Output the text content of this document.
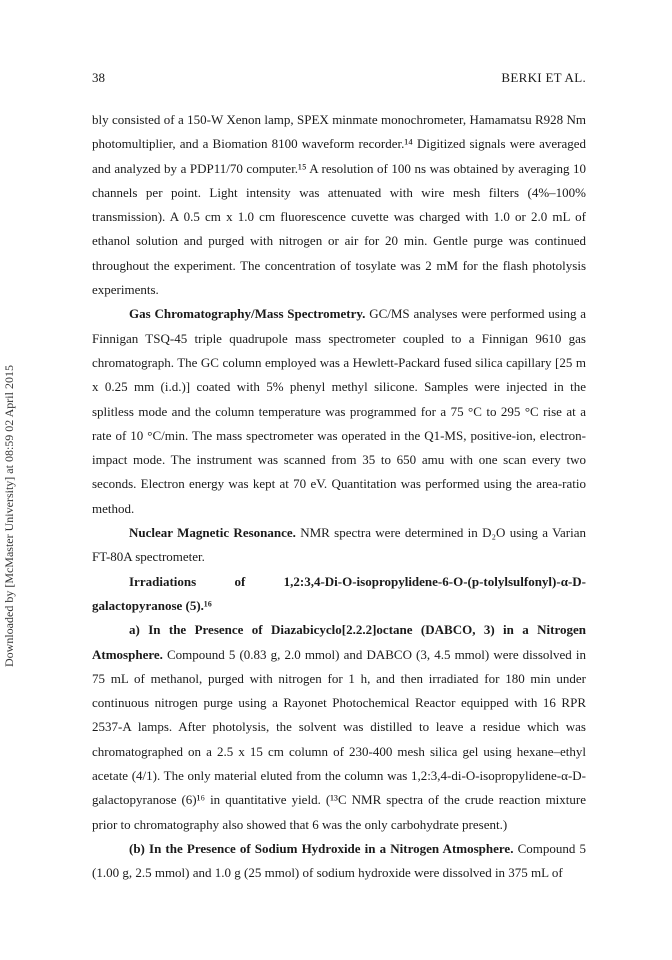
Downloaded by [McMaster University] at 08:59 02 April 2015
38	BERKI ET AL.

bly consisted of a 150-W Xenon lamp, SPEX minmate monochrometer, Hamamatsu R928 Nm photomultiplier, and a Biomation 8100 waveform recorder.¹⁴ Digitized signals were averaged and analyzed by a PDP11/70 computer.¹⁵ A resolution of 100 ns was obtained by averaging 10 channels per point. Light intensity was attenuated with wire mesh filters (4%–100% transmission). A 0.5 cm x 1.0 cm fluorescence cuvette was charged with 1.0 or 2.0 mL of ethanol solution and purged with nitrogen or air for 20 min. Gentle purge was continued throughout the experiment. The concentration of tosylate was 2 mM for the flash photolysis experiments.

Gas Chromatography/Mass Spectrometry. GC/MS analyses were performed using a Finnigan TSQ-45 triple quadrupole mass spectrometer coupled to a Finnigan 9610 gas chromatograph. The GC column employed was a Hewlett-Packard fused silica capillary [25 m x 0.25 mm (i.d.)] coated with 5% phenyl methyl silicone. Samples were injected in the splitless mode and the column temperature was programmed for a 75 °C to 295 °C rise at a rate of 10 °C/min. The mass spectrometer was operated in the Q1-MS, positive-ion, electron-impact mode. The instrument was scanned from 35 to 650 amu with one scan every two seconds. Electron energy was kept at 70 eV. Quantitation was performed using the area-ratio method.

Nuclear Magnetic Resonance. NMR spectra were determined in D₂O using a Varian FT-80A spectrometer.

Irradiations of 1,2:3,4-Di-O-isopropylidene-6-O-(p-tolylsulfonyl)-α-D-galactopyranose (5).¹⁶

a) In the Presence of Diazabicyclo[2.2.2]octane (DABCO, 3) in a Nitrogen Atmosphere. Compound 5 (0.83 g, 2.0 mmol) and DABCO (3, 4.5 mmol) were dissolved in 75 mL of methanol, purged with nitrogen for 1 h, and then irradiated for 180 min under continuous nitrogen purge using a Rayonet Photochemical Reactor equipped with 16 RPR 2537-A lamps. After photolysis, the solvent was distilled to leave a residue which was chromatographed on a 2.5 x 15 cm column of 230-400 mesh silica gel using hexane–ethyl acetate (4/1). The only material eluted from the column was 1,2:3,4-di-O-isopropylidene-α-D-galactopyranose (6)¹⁶ in quantitative yield. (¹³C NMR spectra of the crude reaction mixture prior to chromatography also showed that 6 was the only carbohydrate present.)

(b) In the Presence of Sodium Hydroxide in a Nitrogen Atmosphere. Compound 5 (1.00 g, 2.5 mmol) and 1.0 g (25 mmol) of sodium hydroxide were dissolved in 375 mL of
